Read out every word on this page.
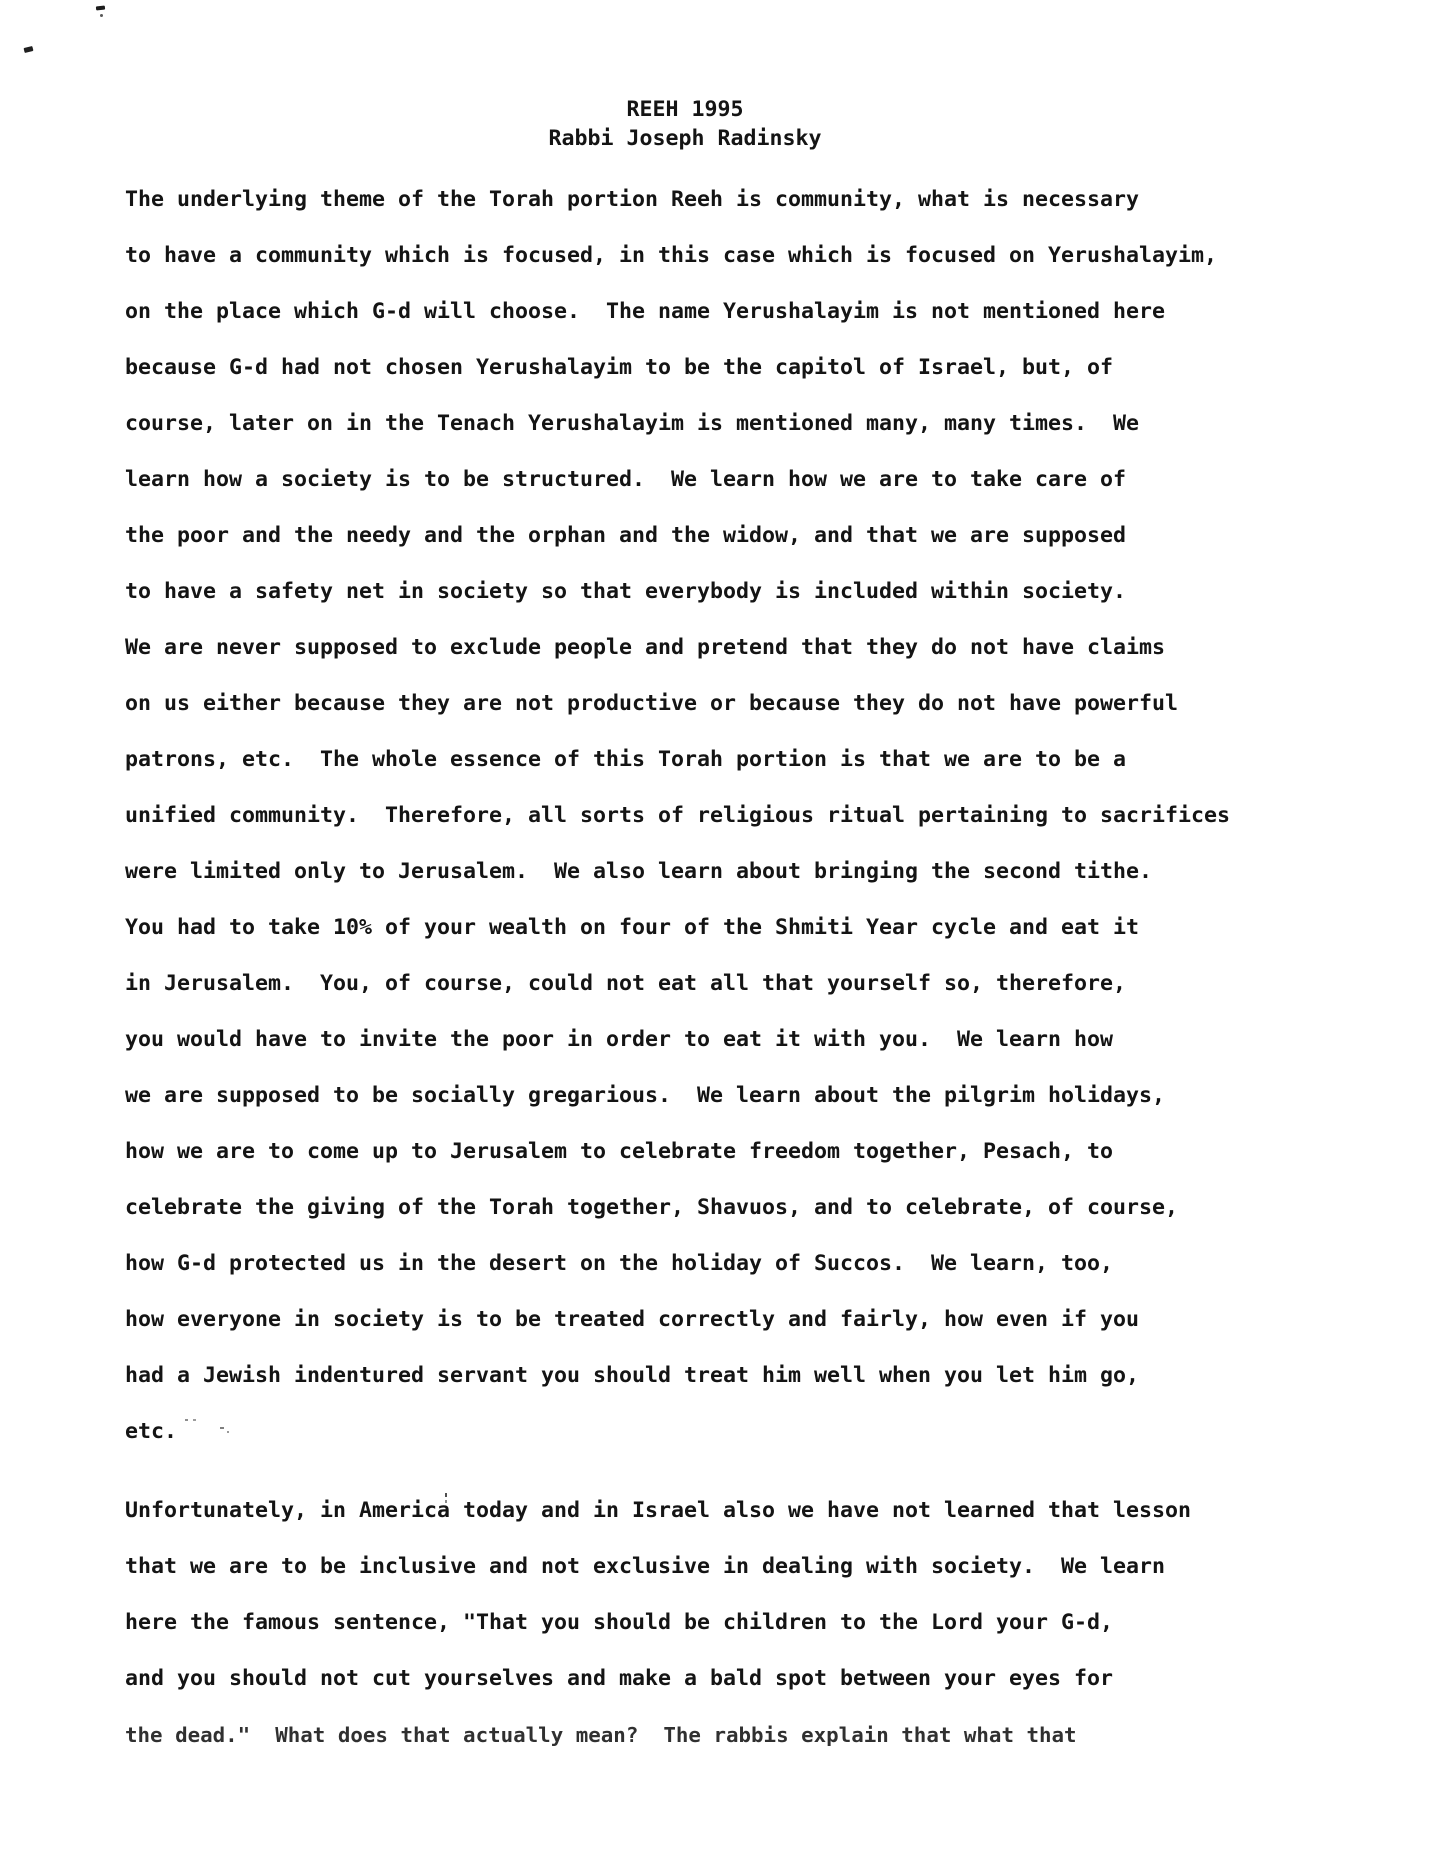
REEH 1995
Rabbi Joseph Radinsky
The underlying theme of the Torah portion Reeh is community, what is necessary
to have a community which is focused, in this case which is focused on Yerushalayim,
on the place which G-d will choose.  The name Yerushalayim is not mentioned here
because G-d had not chosen Yerushalayim to be the capitol of Israel, but, of
course, later on in the Tenach Yerushalayim is mentioned many, many times.  We
learn how a society is to be structured.  We learn how we are to take care of
the poor and the needy and the orphan and the widow, and that we are supposed
to have a safety net in society so that everybody is included within society.
We are never supposed to exclude people and pretend that they do not have claims
on us either because they are not productive or because they do not have powerful
patrons, etc.  The whole essence of this Torah portion is that we are to be a
unified community.  Therefore, all sorts of religious ritual pertaining to sacrifices
were limited only to Jerusalem.  We also learn about bringing the second tithe.
You had to take 10% of your wealth on four of the Shmiti Year cycle and eat it
in Jerusalem.  You, of course, could not eat all that yourself so, therefore,
you would have to invite the poor in order to eat it with you.  We learn how
we are supposed to be socially gregarious.  We learn about the pilgrim holidays,
how we are to come up to Jerusalem to celebrate freedom together, Pesach, to
celebrate the giving of the Torah together, Shavuos, and to celebrate, of course,
how G-d protected us in the desert on the holiday of Succos.  We learn, too,
how everyone in society is to be treated correctly and fairly, how even if you
had a Jewish indentured servant you should treat him well when you let him go,
etc.
Unfortunately, in America today and in Israel also we have not learned that lesson
that we are to be inclusive and not exclusive in dealing with society.  We learn
here the famous sentence, "That you should be children to the Lord your G-d,
and you should not cut yourselves and make a bald spot between your eyes for
the dead."  What does that actually mean?  The rabbis explain that what that
